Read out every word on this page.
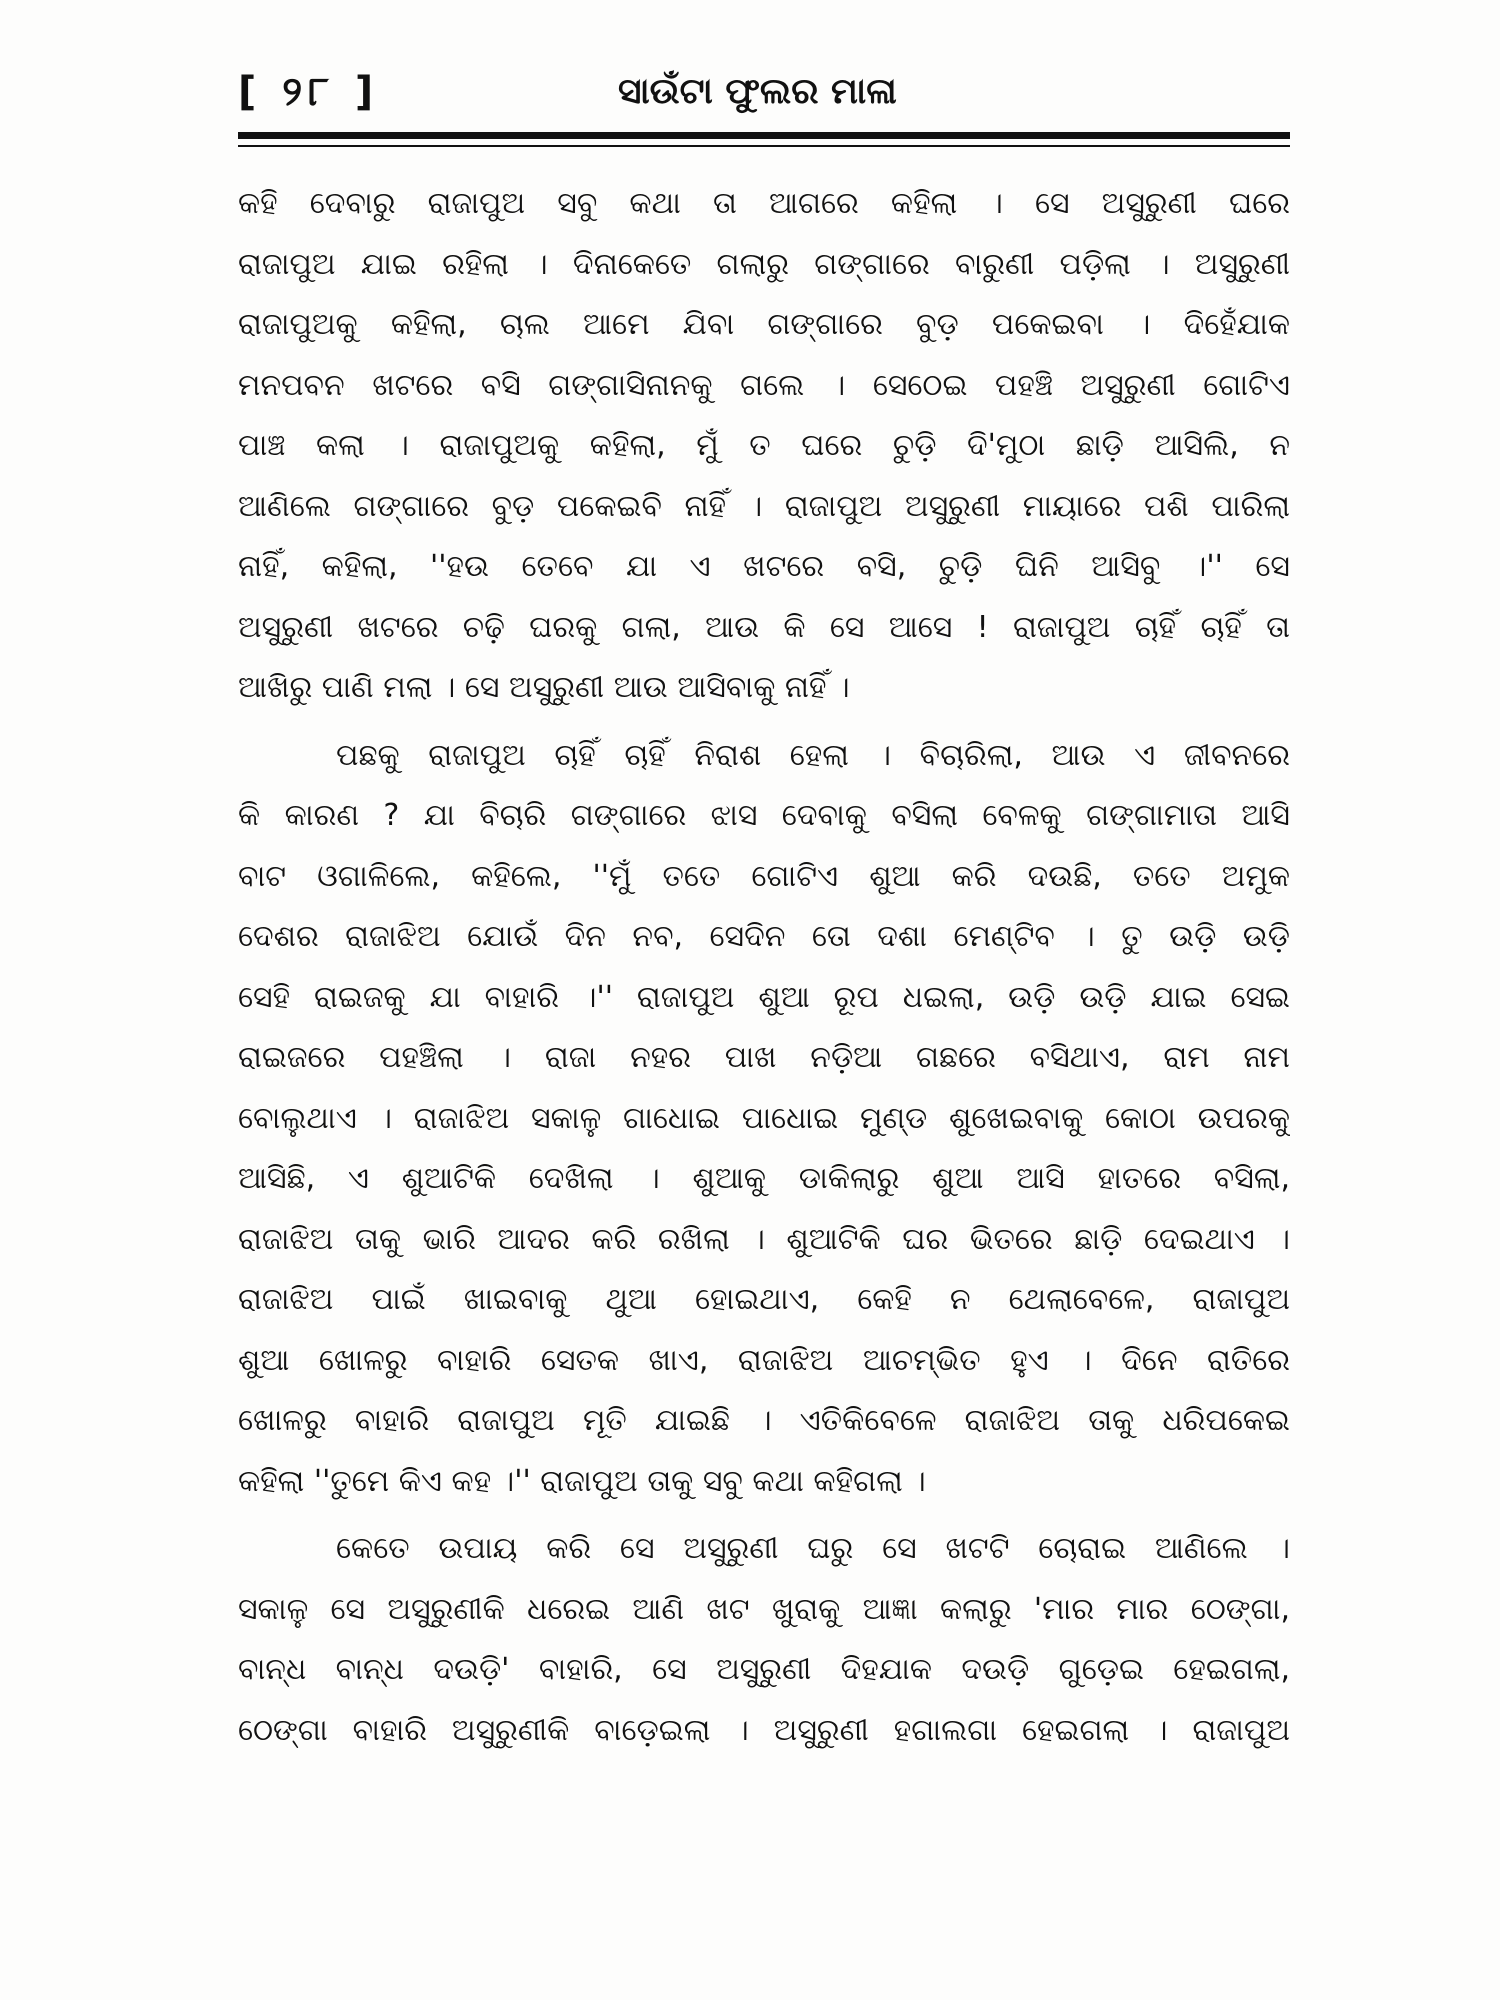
[ ୨୮ ]	ସାଉଁଟା ଫୁଲର ମାଳା
କହି ଦେବାରୁ ରାଜାପୁଅ ସବୁ କଥା ତା ଆଗରେ କହିଲା । ସେ ଅସୁରୁଣୀ ଘରେ
ରାଜାପୁଅ ଯାଇ ରହିଲା । ଦିନାକେତେ ଗଲାରୁ ଗଙ୍ଗାରେ ବାରୁଣୀ ପଡ଼ିଲା । ଅସୁରୁଣୀ
ରାଜାପୁଅକୁ କହିଲା, ଚାଲ ଆମେ ଯିବା ଗଙ୍ଗାରେ ବୁଡ଼ ପକେଇବା । ଦିହେଁଯାକ
ମନପବନ ଖଟରେ ବସି ଗଙ୍ଗାସିନାନକୁ ଗଲେ । ସେଠେଇ ପହଞ୍ଚି ଅସୁରୁଣୀ ଗୋଟିଏ
ପାଞ୍ଚ କଲା । ରାଜାପୁଅକୁ କହିଲା, ମୁଁ ତ ଘରେ ଚୁଡ଼ି ଦି'ମୁଠା ଛାଡ଼ି ଆସିଲି, ନ
ଆଣିଲେ ଗଙ୍ଗାରେ ବୁଡ଼ ପକେଇବି ନାହିଁ । ରାଜାପୁଅ ଅସୁରୁଣୀ ମାୟାରେ ପଶି ପାରିଲା
ନାହିଁ, କହିଲା, ''ହଉ ତେବେ ଯା ଏ ଖଟରେ ବସି, ଚୁଡ଼ି ଘିନି ଆସିବୁ ।'' ସେ
ଅସୁରୁଣୀ ଖଟରେ ଚଢ଼ି ଘରକୁ ଗଲା, ଆଉ କି ସେ ଆସେ ! ରାଜାପୁଅ ଚାହିଁ ଚାହିଁ ତା
ଆଖିରୁ ପାଣି ମଲା । ସେ ଅସୁରୁଣୀ ଆଉ ଆସିବାକୁ ନାହିଁ ।
ପଛକୁ ରାଜାପୁଅ ଚାହିଁ ଚାହିଁ ନିରାଶ ହେଲା । ବିଚାରିଲା, ଆଉ ଏ ଜୀବନରେ
କି କାରଣ ? ଯା ବିଚାରି ଗଙ୍ଗାରେ ଝାସ ଦେବାକୁ ବସିଲା ବେଳକୁ ଗଙ୍ଗାମାତା ଆସି
ବାଟ ଓଗାଳିଲେ, କହିଲେ, ''ମୁଁ ତତେ ଗୋଟିଏ ଶୁଆ କରି ଦଉଛି, ତତେ ଅମୁକ
ଦେଶର ରାଜାଝିଅ ଯୋଉଁ ଦିନ ନବ, ସେଦିନ ତୋ ଦଶା ମେଣ୍ଟିବ । ତୁ ଉଡ଼ି ଉଡ଼ି
ସେହି ରାଇଜକୁ ଯା ବାହାରି ।'' ରାଜାପୁଅ ଶୁଆ ରୂପ ଧଇଲା, ଉଡ଼ି ଉଡ଼ି ଯାଇ ସେଇ
ରାଇଜରେ ପହଞ୍ଚିଲା । ରାଜା ନହର ପାଖ ନଡ଼ିଆ ଗଛରେ ବସିଥାଏ, ରାମ ନାମ
ବୋଲୁଥାଏ । ରାଜାଝିଅ ସକାଳୁ ଗାଧୋଇ ପାଧୋଇ ମୁଣ୍ଡ ଶୁଖେଇବାକୁ କୋଠା ଉପରକୁ
ଆସିଛି, ଏ ଶୁଆଟିକି ଦେଖିଲା । ଶୁଆକୁ ଡାକିଲାରୁ ଶୁଆ ଆସି ହାତରେ ବସିଲା,
ରାଜାଝିଅ ତାକୁ ଭାରି ଆଦର କରି ରଖିଲା । ଶୁଆଟିକି ଘର ଭିତରେ ଛାଡ଼ି ଦେଇଥାଏ ।
ରାଜାଝିଅ ପାଇଁ ଖାଇବାକୁ ଥୁଆ ହୋଇଥାଏ, କେହି ନ ଥେଲାବେଳେ, ରାଜାପୁଅ
ଶୁଆ ଖୋଳରୁ ବାହାରି ସେତକ ଖାଏ, ରାଜାଝିଅ ଆଚମ୍ଭିତ ହୁଏ । ଦିନେ ରାତିରେ
ଖୋଳରୁ ବାହାରି ରାଜାପୁଅ ମୂତି ଯାଇଛି । ଏତିକିବେଳେ ରାଜାଝିଅ ତାକୁ ଧରିପକେଇ
କହିଲା ''ତୁମେ କିଏ କହ ।'' ରାଜାପୁଅ ତାକୁ ସବୁ କଥା କହିଗଲା ।
କେତେ ଉପାୟ କରି ସେ ଅସୁରୁଣୀ ଘରୁ ସେ ଖଟଟି ଚୋରାଇ ଆଣିଲେ ।
ସକାଳୁ ସେ ଅସୁରୁଣୀକି ଧରେଇ ଆଣି ଖଟ ଖୁରାକୁ ଆଜ୍ଞା କଲାରୁ 'ମାର ମାର ଠେଙ୍ଗା,
ବାନ୍ଧ ବାନ୍ଧ ଦଉଡ଼ି' ବାହାରି, ସେ ଅସୁରୁଣୀ ଦିହଯାକ ଦଉଡ଼ି ଗୁଡ଼େଇ ହେଇଗଲା,
ଠେଙ୍ଗା ବାହାରି ଅସୁରୁଣୀକି ବାଡ଼େଇଲା । ଅସୁରୁଣୀ ହଗାଲଗା ହେଇଗଲା । ରାଜାପୁଅ
